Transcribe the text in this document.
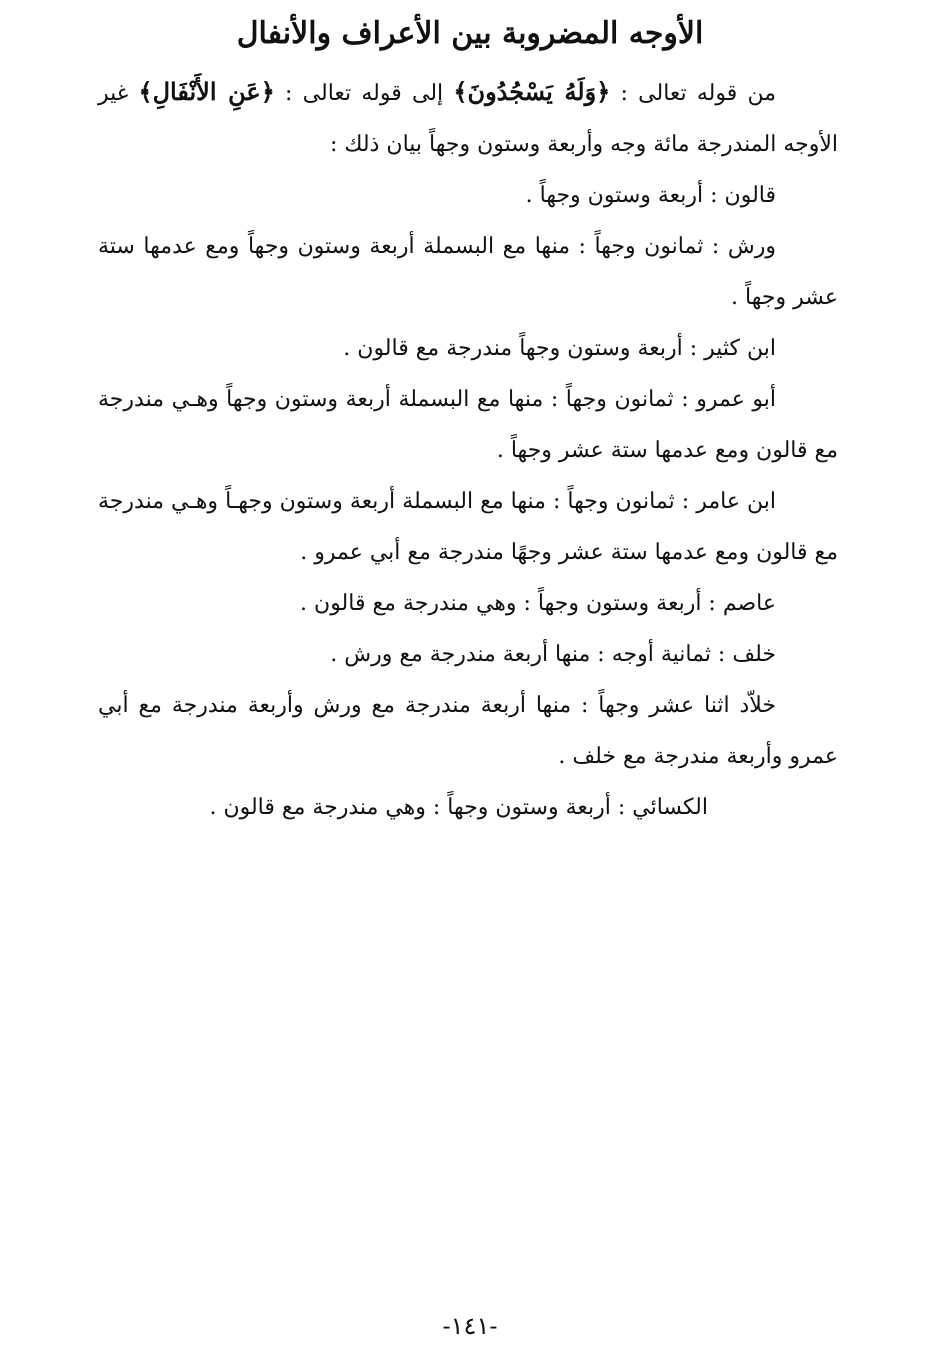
الأوجه المضروبة بين الأعراف والأنفال

من قوله تعالى : ﴿وَلَهُ يَسْجُدُونَ﴾ إلى قوله تعالى : ﴿عَنِ الأَنْفَالِ﴾ غير الأوجه المندرجة مائة وجه وأربعة وستون وجهاً بيان ذلك :

قالون : أربعة وستون وجهاً .

ورش : ثمانون وجهاً : منها مع البسملة أربعة وستون وجهاً ومع عدمها ستة عشر وجهاً .

ابن كثير : أربعة وستون وجهاً مندرجة مع قالون .

أبو عمرو : ثمانون وجهاً : منها مع البسملة أربعة وستون وجهاً وهـي مندرجة مع قالون ومع عدمها ستة عشر وجهاً .

ابن عامر : ثمانون وجهاً : منها مع البسملة أربعة وستون وجهـاً وهـي مندرجة مع قالون ومع عدمها ستة عشر وجهًا مندرجة مع أبي عمرو .

عاصم : أربعة وستون وجهاً : وهي مندرجة مع قالون .

خلف : ثمانية أوجه : منها أربعة مندرجة مع ورش .

خلاّد اثنا عشر وجهاً : منها أربعة مندرجة مع ورش وأربعة مندرجة مع أبي عمرو وأربعة مندرجة مع خلف .

الكسائي : أربعة وستون وجهاً : وهي مندرجة مع قالون .

-١٤١-
